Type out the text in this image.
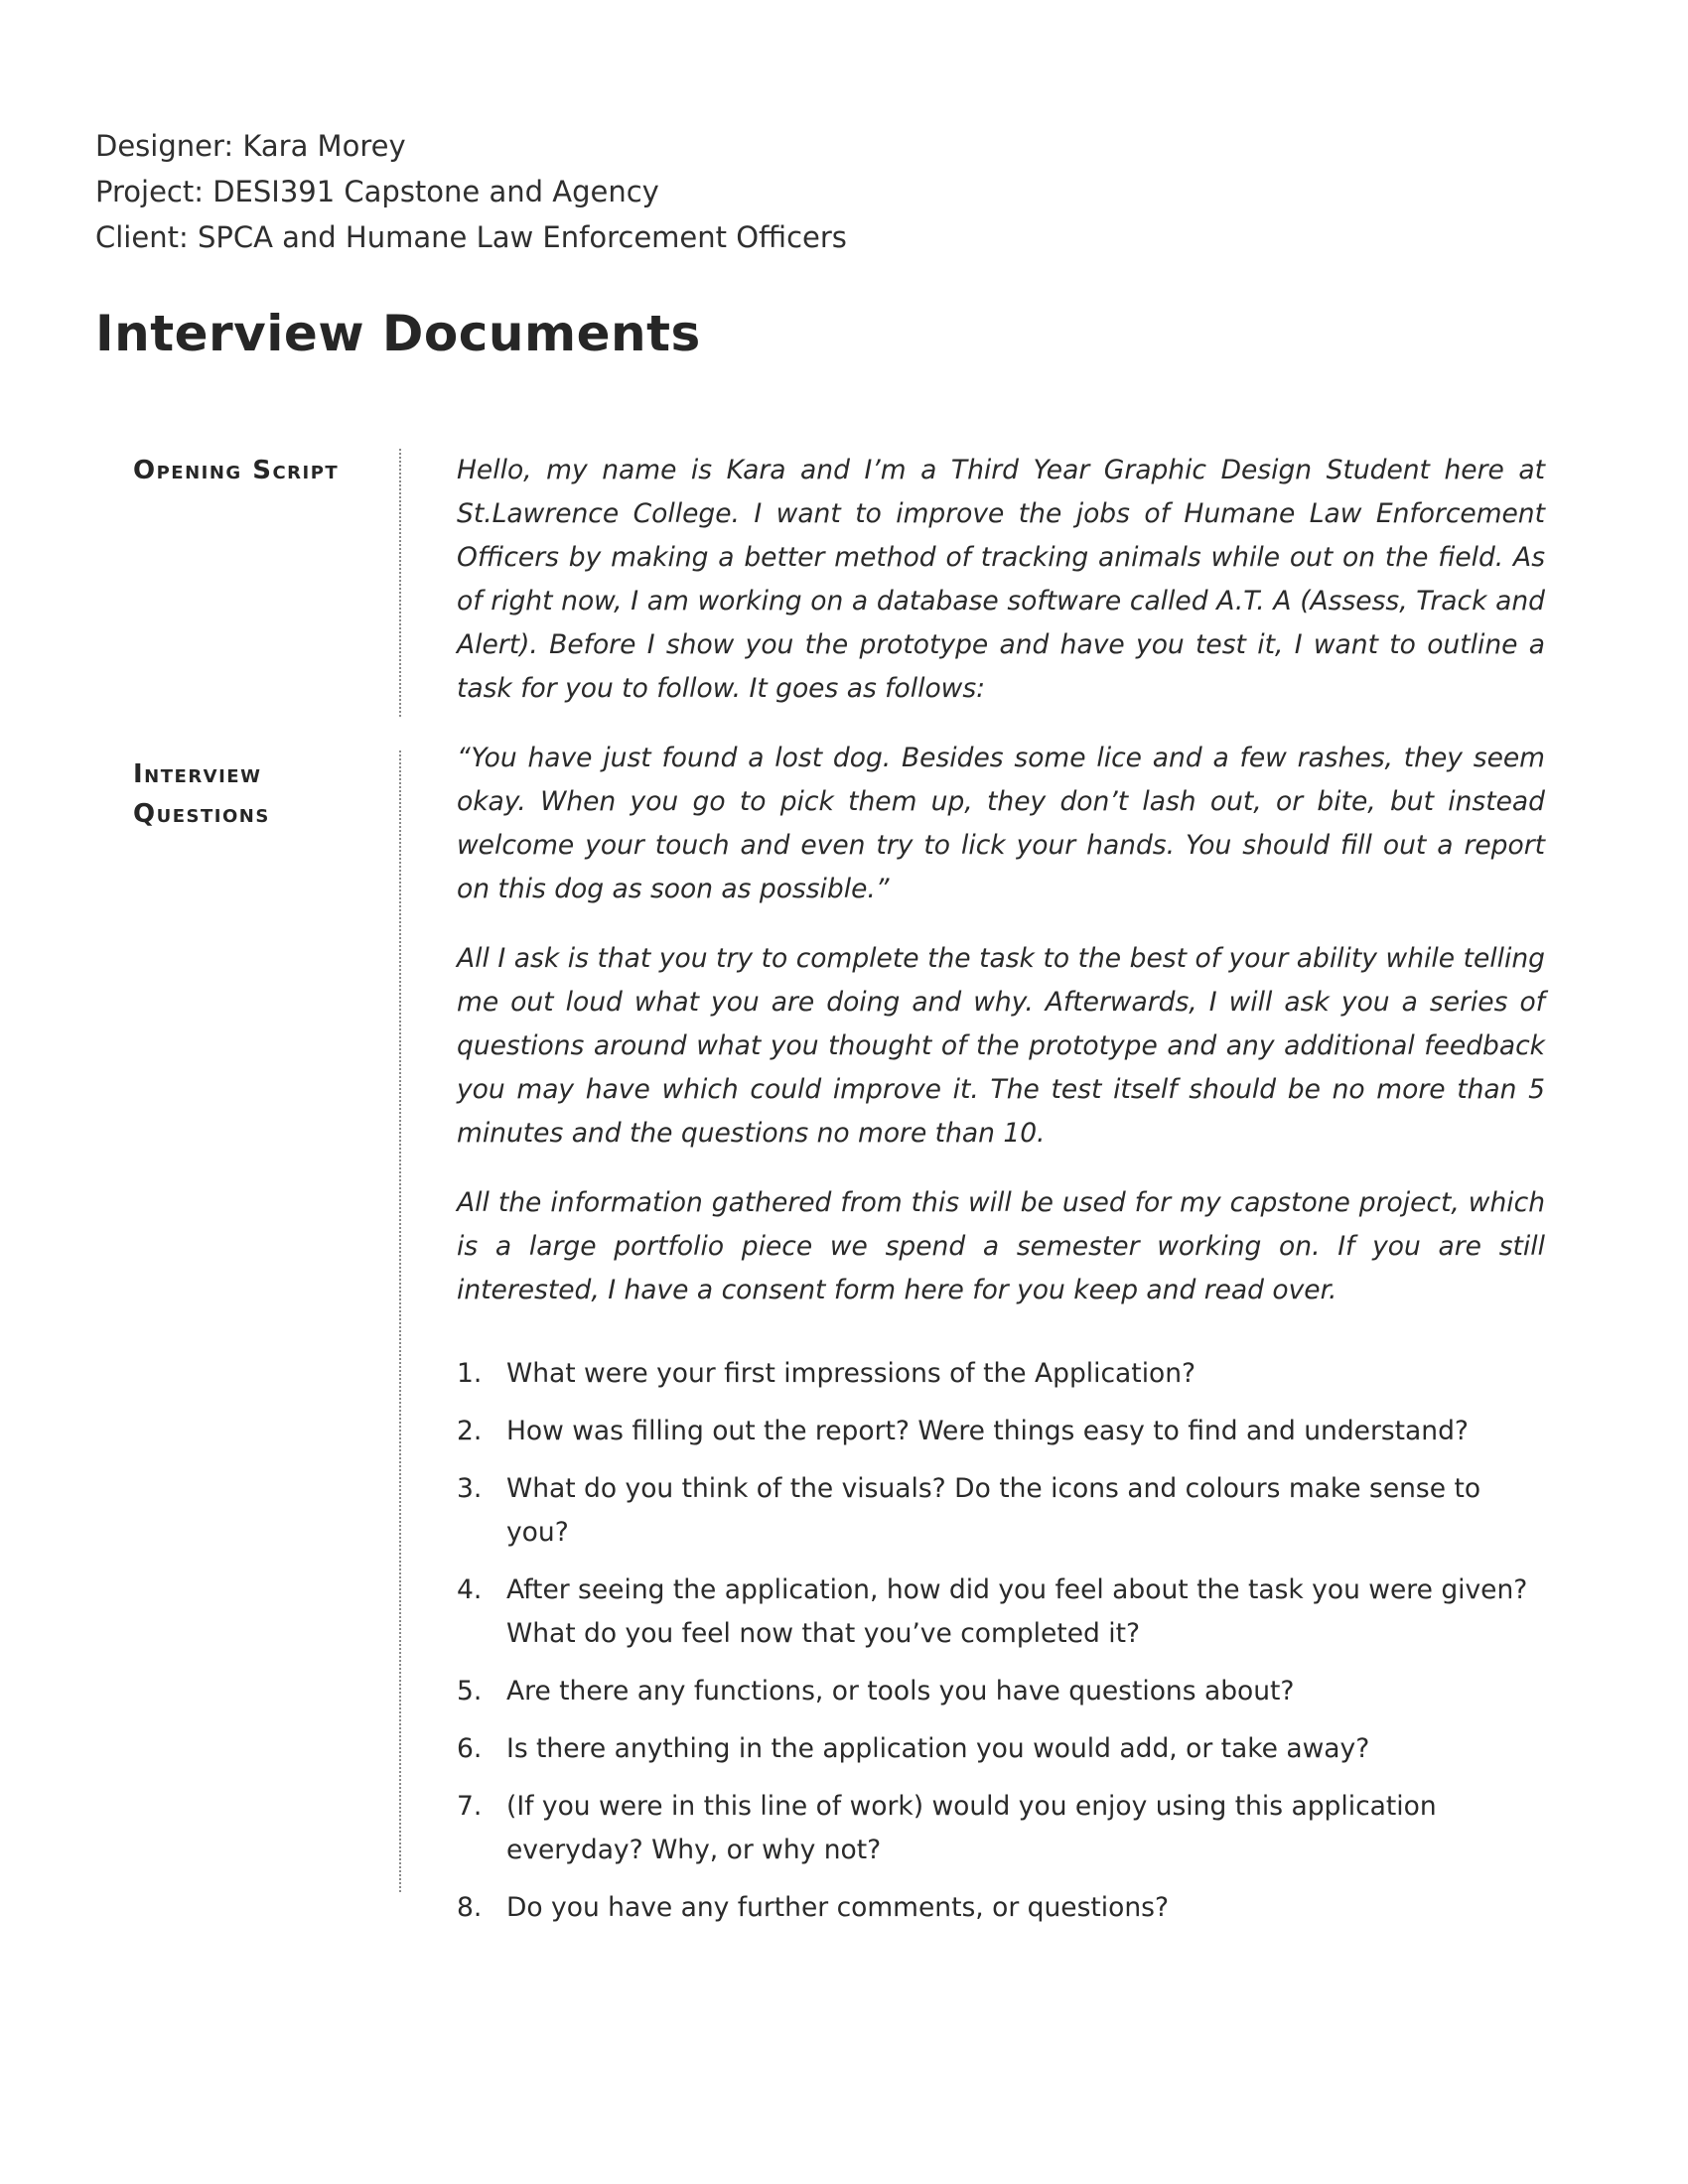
Designer: Kara Morey
Project: DESI391 Capstone and Agency
Client: SPCA and Humane Law Enforcement Officers
Interview Documents
Opening Script	Hello, my name is Kara and I’m a Third Year Graphic Design Student here at St.Lawrence College. I want to improve the jobs of Humane Law Enforcement Officers by making a better method of tracking animals while out on the field. As of right now, I am working on a database software called A.T. A (Assess, Track and Alert). Before I show you the prototype and have you test it, I want to outline a task for you to follow. It goes as follows:

Interview Questions

“You have just found a lost dog. Besides some lice and a few rashes, they seem okay. When you go to pick them up, they don’t lash out, or bite, but instead welcome your touch and even try to lick your hands. You should fill out a report on this dog as soon as possible.”

All I ask is that you try to complete the task to the best of your ability while telling me out loud what you are doing and why. Afterwards, I will ask you a series of questions around what you thought of the prototype and any additional feedback you may have which could improve it. The test itself should be no more than 5 minutes and the questions no more than 10.

All the information gathered from this will be used for my capstone project, which is a large portfolio piece we spend a semester working on. If you are still interested, I have a consent form here for you keep and read over.

1. What were your first impressions of the Application?
2. How was filling out the report? Were things easy to find and understand?
3. What do you think of the visuals? Do the icons and colours make sense to you?
4. After seeing the application, how did you feel about the task you were given? What do you feel now that you’ve completed it?
5. Are there any functions, or tools you have questions about?
6. Is there anything in the application you would add, or take away?
7. (If you were in this line of work) would you enjoy using this application everyday? Why, or why not?
8. Do you have any further comments, or questions?
